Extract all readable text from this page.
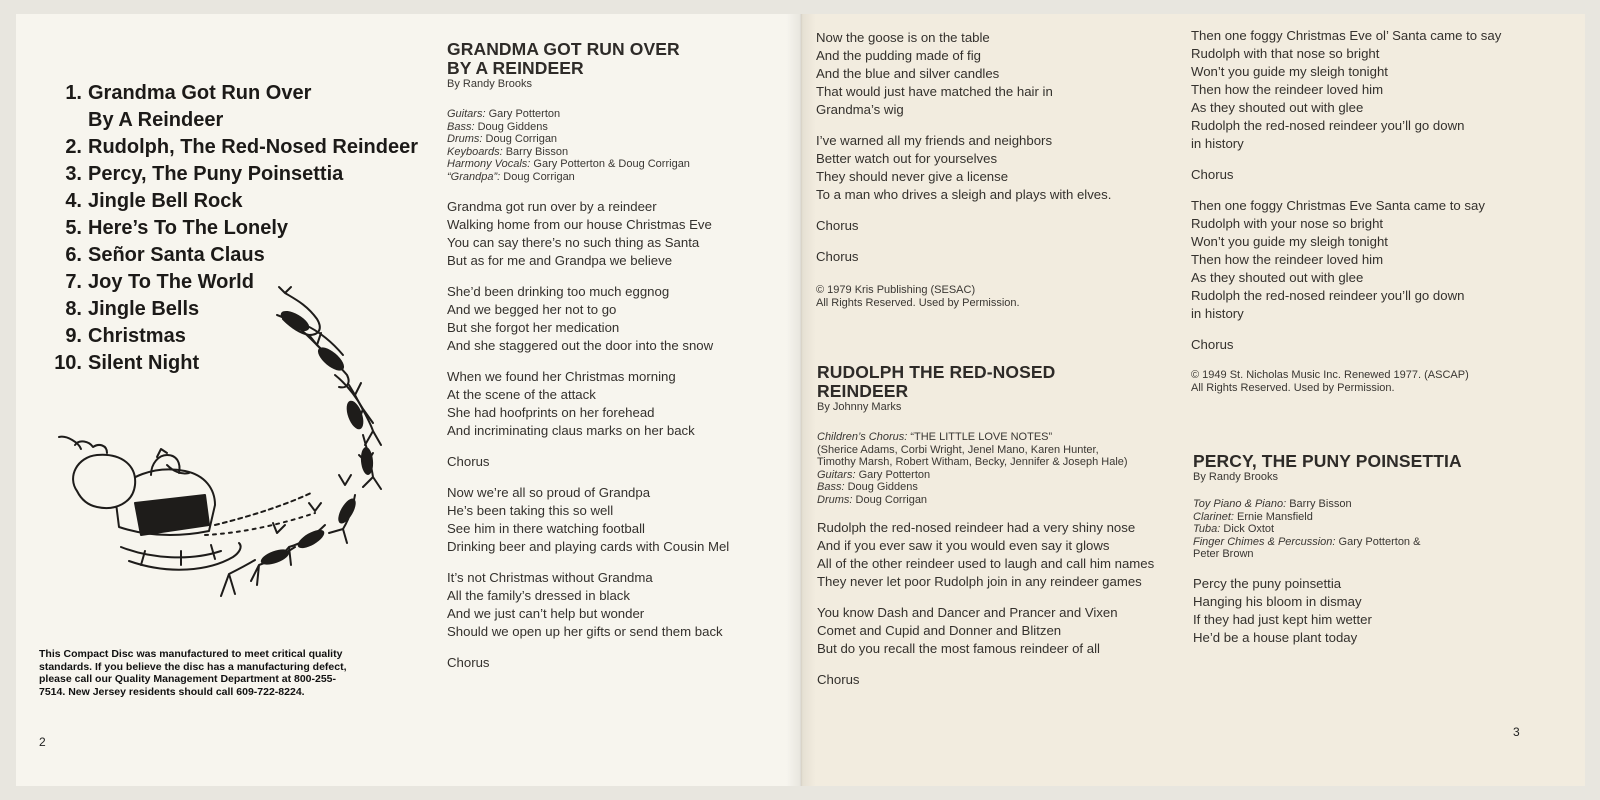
1. Grandma Got Run Over
By A Reindeer
2. Rudolph, The Red-Nosed Reindeer
3. Percy, The Puny Poinsettia
4. Jingle Bell Rock
5. Here’s To The Lonely
6. Señor Santa Claus
7. Joy To The World
8. Jingle Bells
9. Christmas
10. Silent Night
This Compact Disc was manufactured to meet critical quality standards. If you believe the disc has a manufacturing defect, please call our Quality Management Department at 800-255-7514. New Jersey residents should call 609-722-8224.
2
GRANDMA GOT RUN OVER
BY A REINDEER
By Randy Brooks
Guitars: Gary Potterton
Bass: Doug Giddens
Drums: Doug Corrigan
Keyboards: Barry Bisson
Harmony Vocals: Gary Potterton & Doug Corrigan
“Grandpa”: Doug Corrigan
Grandma got run over by a reindeer
Walking home from our house Christmas Eve
You can say there’s no such thing as Santa
But as for me and Grandpa we believe
She’d been drinking too much eggnog
And we begged her not to go
But she forgot her medication
And she staggered out the door into the snow
When we found her Christmas morning
At the scene of the attack
She had hoofprints on her forehead
And incriminating claus marks on her back
Chorus
Now we’re all so proud of Grandpa
He’s been taking this so well
See him in there watching football
Drinking beer and playing cards with Cousin Mel
It’s not Christmas without Grandma
All the family’s dressed in black
And we just can’t help but wonder
Should we open up her gifts or send them back
Chorus
Now the goose is on the table
And the pudding made of fig
And the blue and silver candles
That would just have matched the hair in
Grandma’s wig
I’ve warned all my friends and neighbors
Better watch out for yourselves
They should never give a license
To a man who drives a sleigh and plays with elves.
Chorus
Chorus
© 1979 Kris Publishing (SESAC)
All Rights Reserved. Used by Permission.
RUDOLPH THE RED-NOSED
REINDEER
By Johnny Marks
Children’s Chorus: “THE LITTLE LOVE NOTES”
(Sherice Adams, Corbi Wright, Jenel Mano, Karen Hunter,
Timothy Marsh, Robert Witham, Becky, Jennifer & Joseph Hale)
Guitars: Gary Potterton
Bass: Doug Giddens
Drums: Doug Corrigan
Rudolph the red-nosed reindeer had a very shiny nose
And if you ever saw it you would even say it glows
All of the other reindeer used to laugh and call him names
They never let poor Rudolph join in any reindeer games
You know Dash and Dancer and Prancer and Vixen
Comet and Cupid and Donner and Blitzen
But do you recall the most famous reindeer of all
Chorus
Then one foggy Christmas Eve ol’ Santa came to say
Rudolph with that nose so bright
Won’t you guide my sleigh tonight
Then how the reindeer loved him
As they shouted out with glee
Rudolph the red-nosed reindeer you’ll go down
in history
Chorus
Then one foggy Christmas Eve Santa came to say
Rudolph with your nose so bright
Won’t you guide my sleigh tonight
Then how the reindeer loved him
As they shouted out with glee
Rudolph the red-nosed reindeer you’ll go down
in history
Chorus
© 1949 St. Nicholas Music Inc. Renewed 1977. (ASCAP)
All Rights Reserved. Used by Permission.
PERCY, THE PUNY POINSETTIA
By Randy Brooks
Toy Piano & Piano: Barry Bisson
Clarinet: Ernie Mansfield
Tuba: Dick Oxtot
Finger Chimes & Percussion: Gary Potterton &
Peter Brown
Percy the puny poinsettia
Hanging his bloom in dismay
If they had just kept him wetter
He’d be a house plant today
3
